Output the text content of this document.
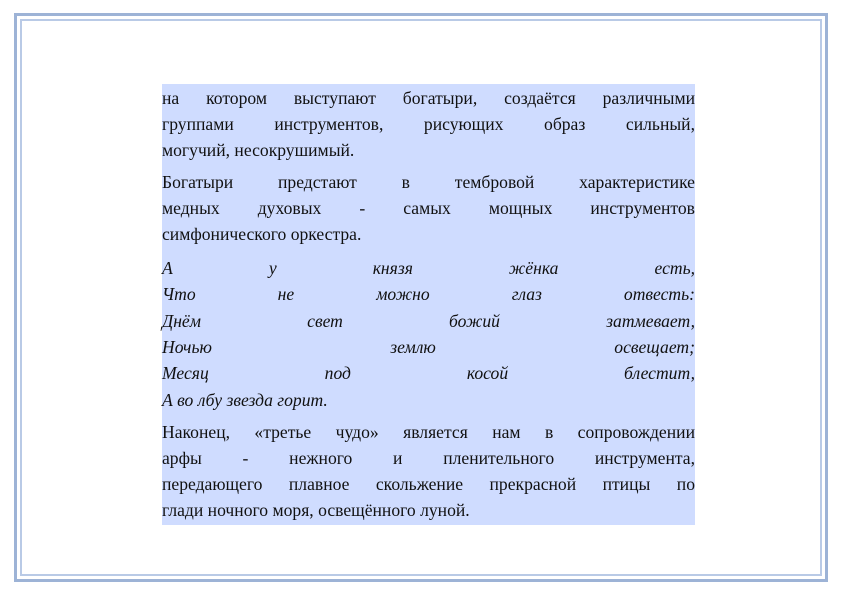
на котором выступают богатыри, создаётся различными
группами инструментов, рисующих образ сильный,
могучий, несокрушимый.

Богатыри предстают в тембровой характеристике
медных духовых - самых мощных инструментов
симфонического оркестра.

А у князя жёнка есть,
Что не можно глаз отвесть:
Днём свет божий затмевает,
Ночью землю освещает;
Месяц под косой блестит,
А во лбу звезда горит.

Наконец, «третье чудо» является нам в сопровождении
арфы - нежного и пленительного инструмента,
передающего плавное скольжение прекрасной птицы по
глади ночного моря, освещённого луной.
